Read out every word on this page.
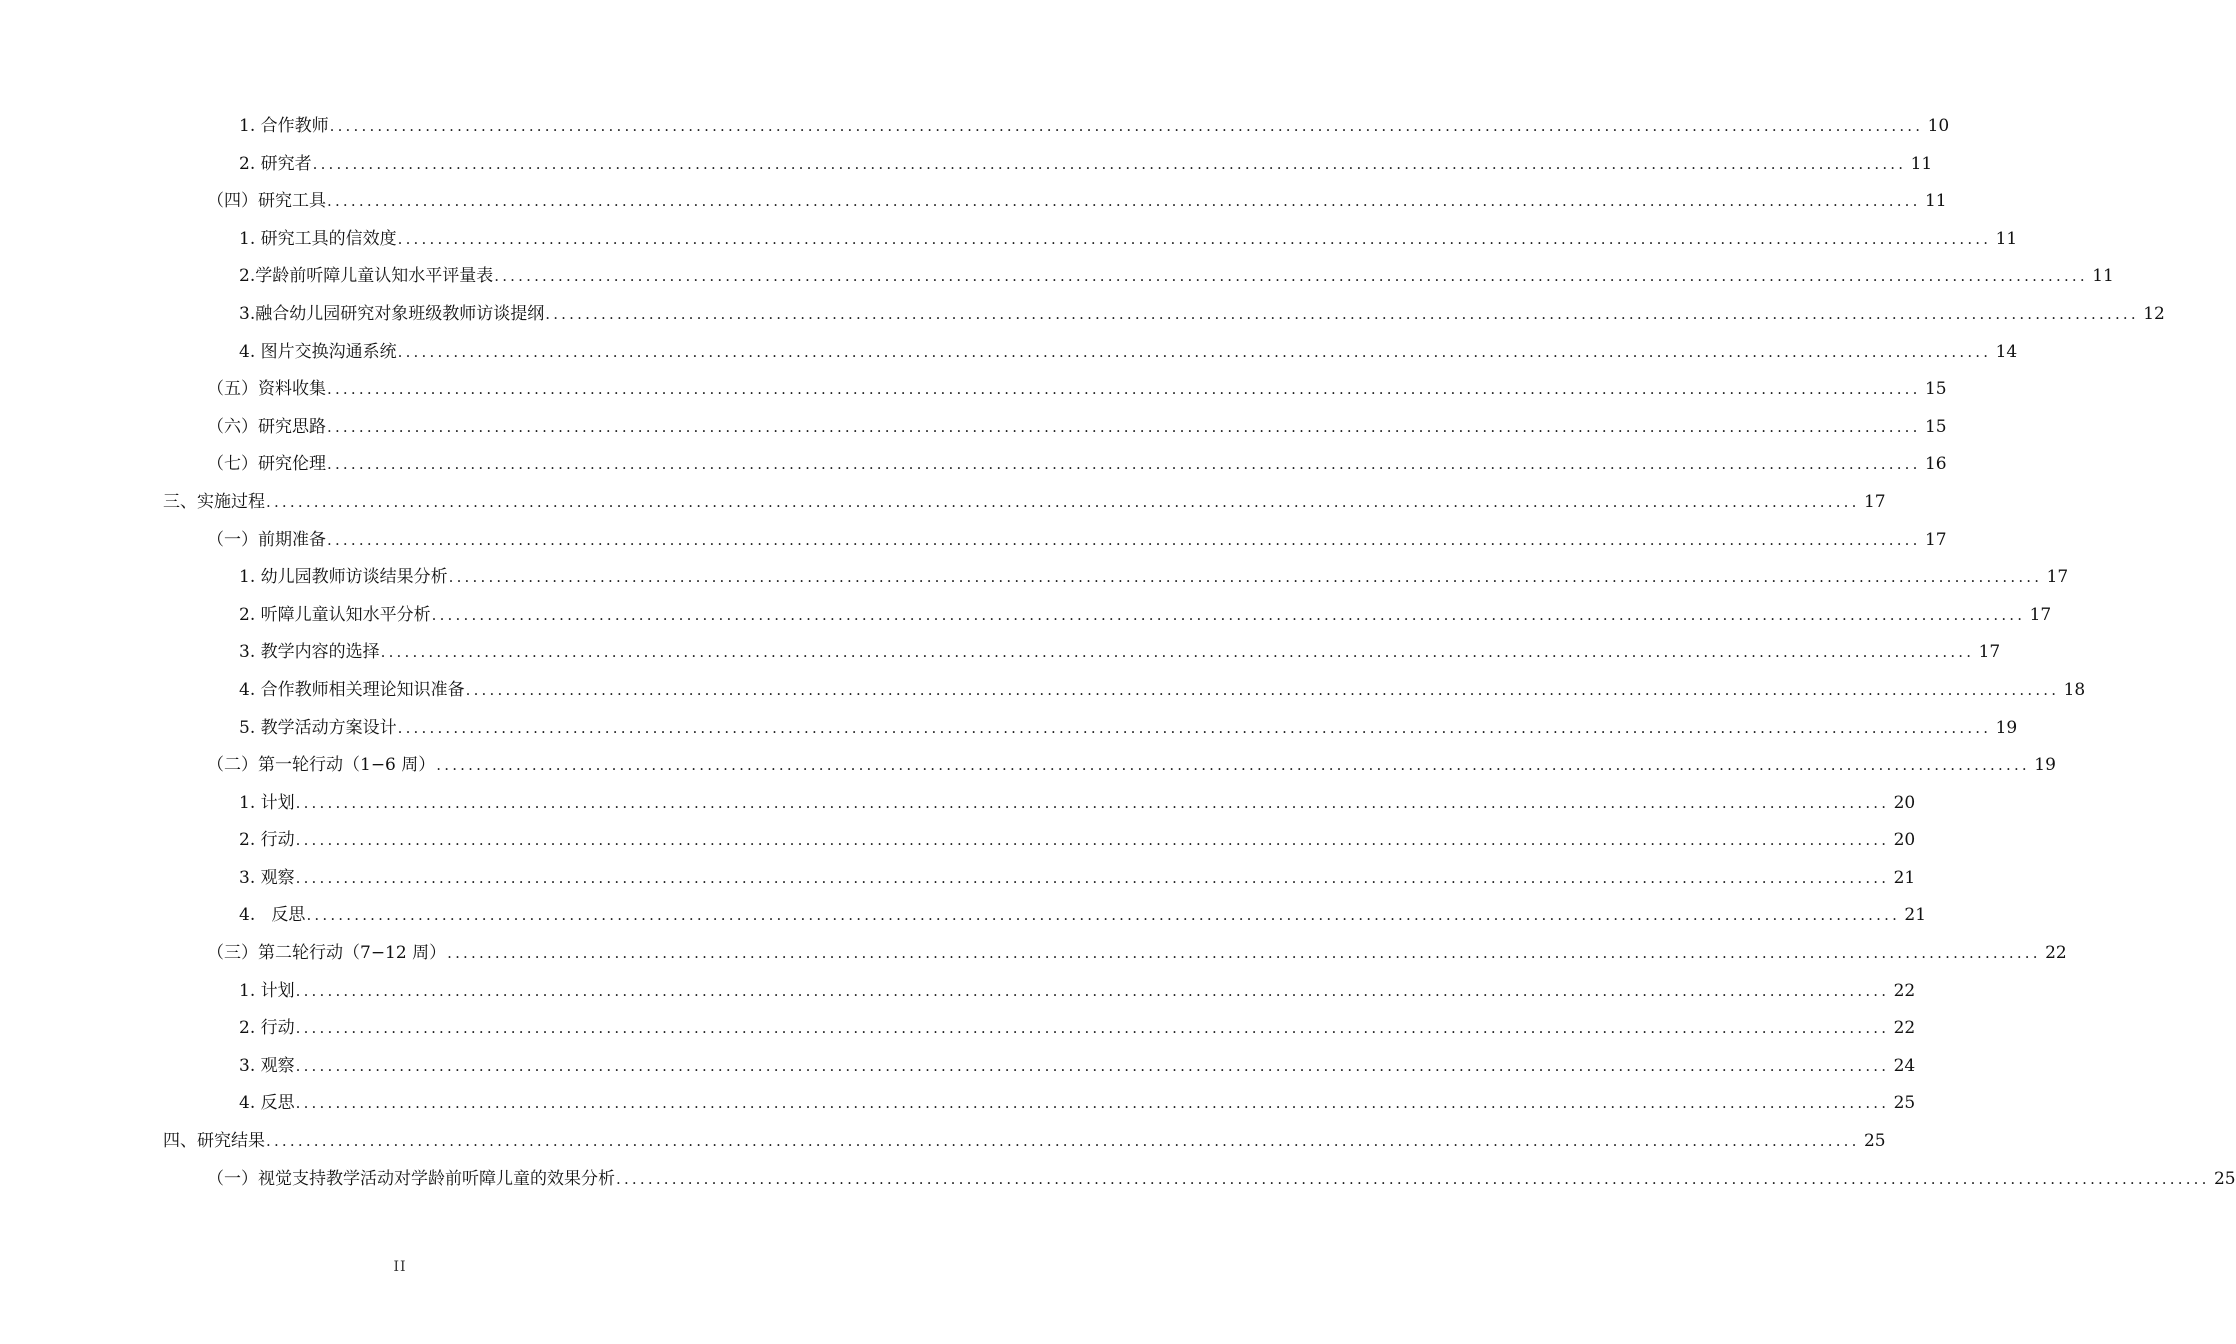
1. 合作教师 ........................................................................................................................................................................................................ 10
2. 研究者 ........................................................................................................................................................................................................ 11
（四）研究工具 ........................................................................................................................................................................................................ 11
1. 研究工具的信效度 ........................................................................................................................................................................................................ 11
2.学龄前听障儿童认知水平评量表 ........................................................................................................................................................................................................ 11
3.融合幼儿园研究对象班级教师访谈提纲 ........................................................................................................................................................................................................ 12
4. 图片交换沟通系统 ........................................................................................................................................................................................................ 14
（五）资料收集 ........................................................................................................................................................................................................ 15
（六）研究思路 ........................................................................................................................................................................................................ 15
（七）研究伦理 ........................................................................................................................................................................................................ 16
三、实施过程 ........................................................................................................................................................................................................ 17
（一）前期准备 ........................................................................................................................................................................................................ 17
1. 幼儿园教师访谈结果分析 ........................................................................................................................................................................................................ 17
2. 听障儿童认知水平分析 ........................................................................................................................................................................................................ 17
3. 教学内容的选择 ........................................................................................................................................................................................................ 17
4. 合作教师相关理论知识准备 ........................................................................................................................................................................................................ 18
5. 教学活动方案设计 ........................................................................................................................................................................................................ 19
（二）第一轮行动（1−6 周） ........................................................................................................................................................................................................ 19
1. 计划 ........................................................................................................................................................................................................ 20
2. 行动 ........................................................................................................................................................................................................ 20
3. 观察 ........................................................................................................................................................................................................ 21
4.   反思 ........................................................................................................................................................................................................ 21
（三）第二轮行动（7−12 周） ........................................................................................................................................................................................................ 22
1. 计划 ........................................................................................................................................................................................................ 22
2. 行动 ........................................................................................................................................................................................................ 22
3. 观察 ........................................................................................................................................................................................................ 24
4. 反思 ........................................................................................................................................................................................................ 25
四、研究结果 ........................................................................................................................................................................................................ 25
（一）视觉支持教学活动对学龄前听障儿童的效果分析 ........................................................................................................................................................................................................ 25
II
